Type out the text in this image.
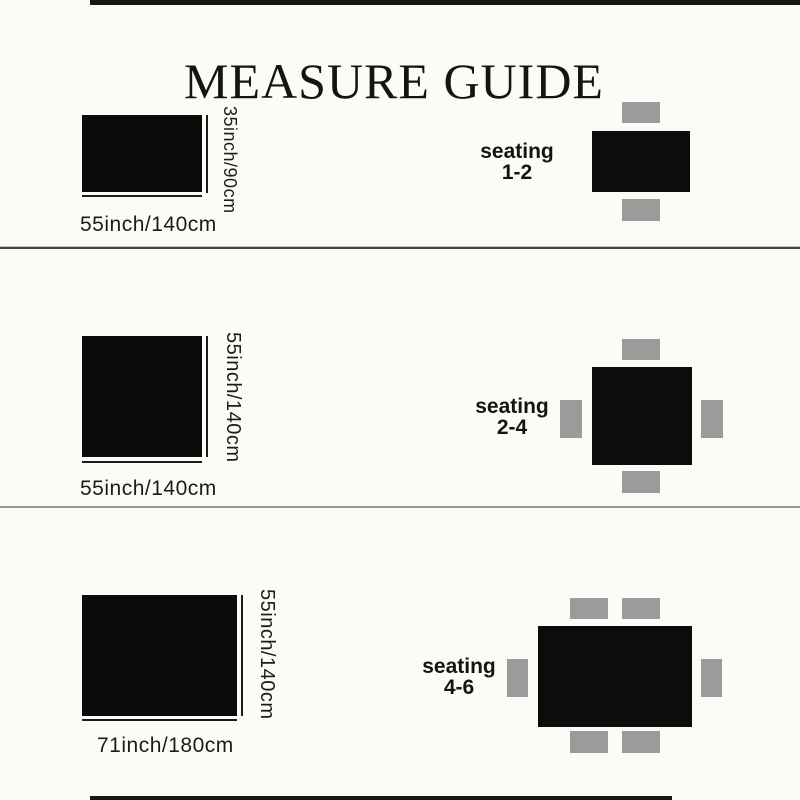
MEASURE GUIDE
35inch/90cm
55inch/140cm
seating
1-2
55inch/140cm
55inch/140cm
seating
2-4
55inch/140cm
71inch/180cm
seating
4-6
